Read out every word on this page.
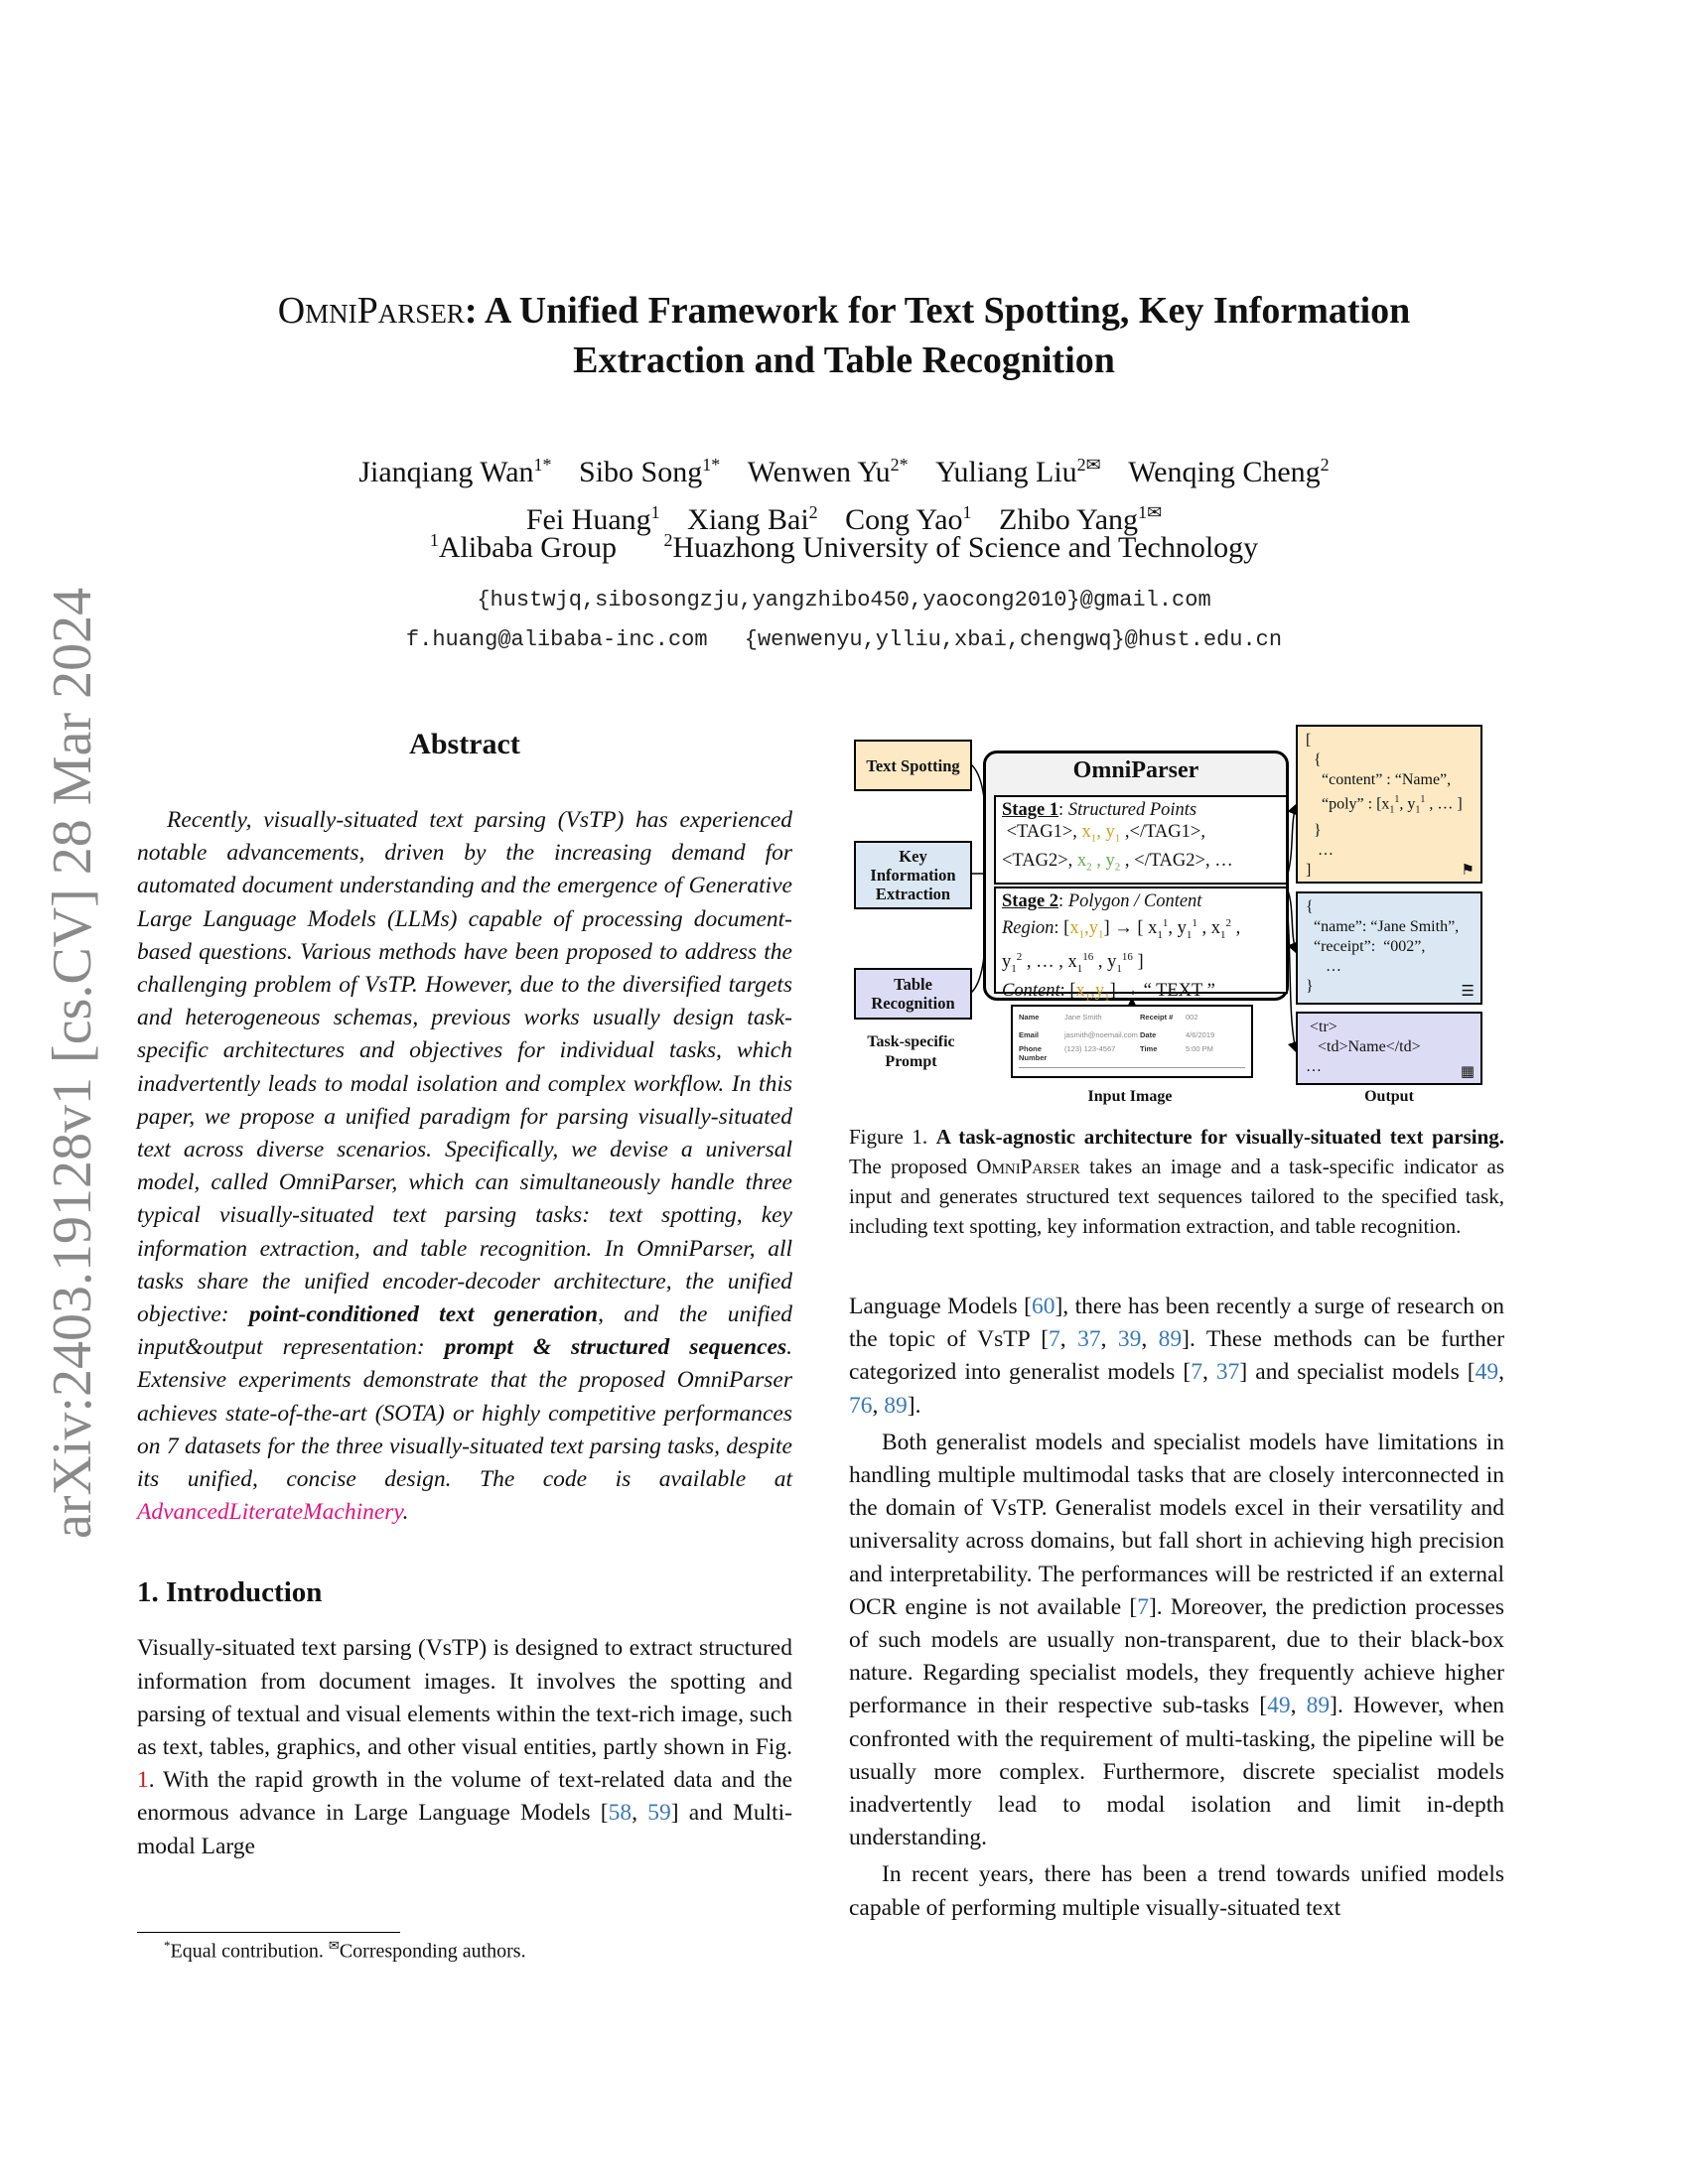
arXiv:2403.19128v1 [cs.CV] 28 Mar 2024
OmniParser: A Unified Framework for Text Spotting, Key Information
Extraction and Table Recognition
Jianqiang Wan$^{1*}$ Sibo Song$^{1*}$ Wenwen $Yu^{2*}$ Yuliang Liu$^{2✉}$ Wenqing Cheng$^2$
Fei Huang$^1$ Xiang Bai$^2$ Cong Yao$^1$ Zhibo Yang$^{1✉}$
$^1$Alibaba Group	$^2$Huazhong University of Science and Technology
{hustwjq,sibosongzju,yangzhibo450,yaocong2010}@gmail.com
f.huang@alibaba-inc.com {wenwenyu,ylliu,xbai,chengwq}@hust.edu.cn
Abstract

Recently, visually-situated text parsing (VsTP) has experienced notable advancements, driven by the increasing demand for automated document understanding and the emergence of Generative Large Language Models (LLMs) capable of processing document-based questions. Various methods have been proposed to address the challenging problem of VsTP. However, due to the diversified targets and heterogeneous schemas, previous works usually design task-specific architectures and objectives for individual tasks, which inadvertently leads to modal isolation and complex workflow. In this paper, we propose a unified paradigm for parsing visually-situated text across diverse scenarios. Specifically, we devise a universal model, called OmniParser, which can simultaneously handle three typical visually-situated text parsing tasks: text spotting, key information extraction, and table recognition. In OmniParser, all tasks share the unified encoder-decoder architecture, the unified objective: point-conditioned text generation, and the unified input&output representation: prompt & structured sequences. Extensive experiments demonstrate that the proposed OmniParser achieves state-of-the-art (SOTA) or highly competitive performances on 7 datasets for the three visually-situated text parsing tasks, despite its unified, concise design. The code is available at AdvancedLiterateMachinery.

1. Introduction

Visually-situated text parsing (VsTP) is designed to extract structured information from document images. It involves the spotting and parsing of textual and visual elements within the text-rich image, such as text, tables, graphics, and other visual entities, partly shown in Fig. 1. With the rapid growth in the volume of text-related data and the enormous advance in Large Language Models [58, 59] and Multi-modal Large

*Equal contribution. ✉Corresponding authors.
Text Spotting
Key Information Extraction
Table Recognition
Task-specific Prompt
OmniParser
Stage 1: Structured Points
<TAG1>, $x_1$, $y_1$ ,</TAG1>,
<TAG2>, $x_2$ , $y_2$ , </TAG2>, …
Stage 2: Polygon / Content
Region: $[x_1,y_1]$ → [ $x_1^1$, $y_1^1$ , $x_1^2$ ,
$y_1^2$ , … , $x_1^{16}$ , $y_1^{16}$ ]
Content: $[x_1,y_1]$ → “ TEXT ”
Name	Jane Smith	Receipt #	002
Email	jasmith@noemail.com Date	4/6/2019
Phone Number
(123) 123-4567	Time	5:00 PM
Input Image
[
{
“content” : “Name”,
“poly” : [$x_1^1$, $y_1^1$ , … ]
}
…
]	⚑
{
“name”: “Jane Smith”,
“receipt”:  “002”,
…
}	☰
<tr>
<td>Name</td>
…	▦
Output
Figure 1. A task-agnostic architecture for visually-situated text parsing. The proposed OmniParser takes an image and a task-specific indicator as input and generates structured text sequences tailored to the specified task, including text spotting, key information extraction, and table recognition.

Language Models [60], there has been recently a surge of research on the topic of VsTP [7, 37, 39, 89]. These methods can be further categorized into generalist models [7, 37] and specialist models [49, 76, 89].

Both generalist models and specialist models have limitations in handling multiple multimodal tasks that are closely interconnected in the domain of VsTP. Generalist models excel in their versatility and universality across domains, but fall short in achieving high precision and interpretability. The performances will be restricted if an external OCR engine is not available [7]. Moreover, the prediction processes of such models are usually non-transparent, due to their black-box nature. Regarding specialist models, they frequently achieve higher performance in their respective sub-tasks [49, 89]. However, when confronted with the requirement of multi-tasking, the pipeline will be usually more complex. Furthermore, discrete specialist models inadvertently lead to modal isolation and limit in-depth understanding.

In recent years, there has been a trend towards unified models capable of performing multiple visually-situated text
